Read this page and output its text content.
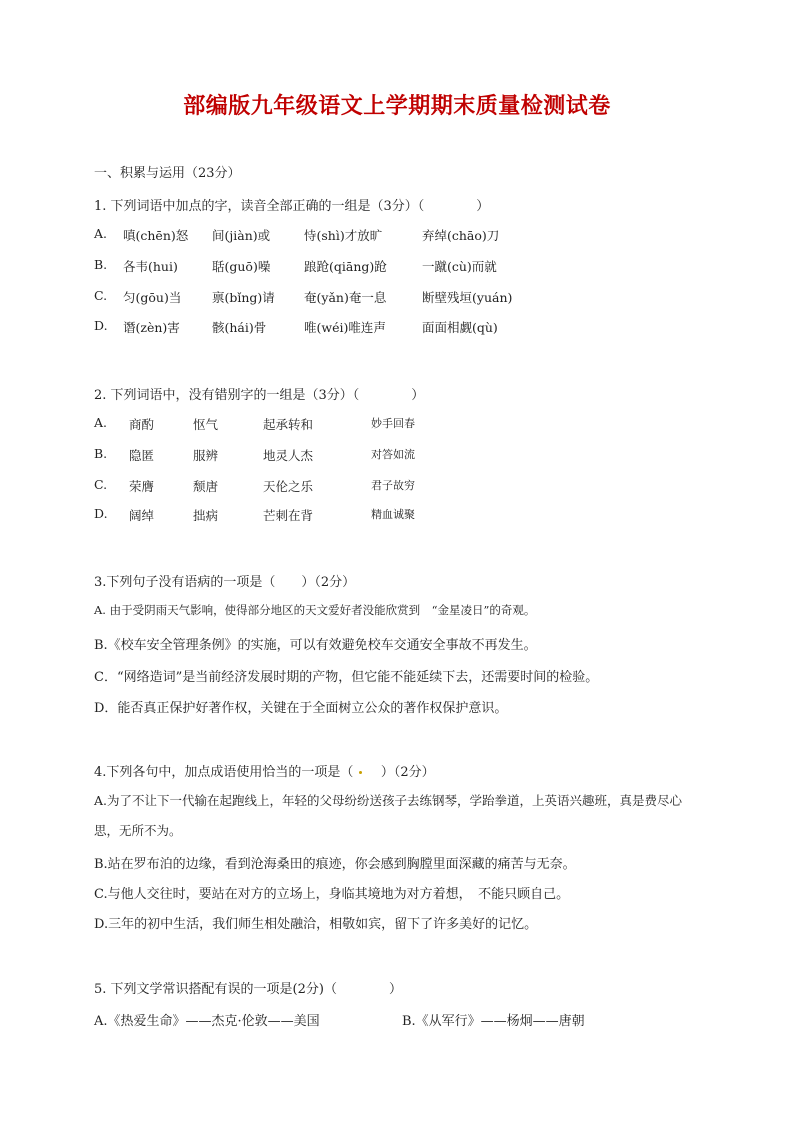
部编版九年级语文上学期期末质量检测试卷
一、积累与运用（23分）
1. 下列词语中加点的字，读音全部正确的一组是（3分）（　　　　）
A. 嗔(chēn)怒 间(jiàn)或	恃(shì)才放旷	弃绰(chāo)刀
B. 各韦(hui)	聒(guō)噪	踉跄(qiāng)跄	一蹴(cù)而就
C. 匀(gōu)当 禀(bǐng)请 奄(yǎn)奄一息	断壁残垣(yuán)
D. 谮(zèn)害	骸(hái)骨	唯(wéi)唯连声	面面相觑(qù)
2. 下列词语中，没有错别字的一组是（3分）（　　　　）
A. 商酌	怄气	起承转和	妙手回春
B. 隐匿	服辨	地灵人杰	对答如流
C. 荣膺	颓唐	天伦之乐	君子故穷
D. 阔绰	拙病	芒刺在背	精血诚聚
3.下列句子没有语病的一项是（　　）（2分）
A. 由于受阴雨天气影响，使得部分地区的天文爱好者没能欣赏到　“金星凌日”的奇观。
B.《校车安全管理条例》的实施，可以有效避免校车交通安全事故不再发生。
C．“网络造词”是当前经济发展时期的产物，但它能不能延续下去，还需要时间的检验。
D．能否真正保护好著作权，关键在于全面树立公众的著作权保护意识。
4.下列各句中，加点成语使用恰当的一项是（ ）（2分）
A.为了不让下一代输在起跑线上，年轻的父母纷纷送孩子去练钢琴，学跆拳道，上英语兴趣班，真是费尽心思，无所不为。
B.站在罗布泊的边缘，看到沧海桑田的痕迹，你会感到胸膛里面深藏的痛苦与无奈。
C.与他人交往时，要站在对方的立场上，身临其境地为对方着想，　不能只顾自己。
D.三年的初中生活，我们师生相处融洽，相敬如宾，留下了许多美好的记忆。
5. 下列文学常识搭配有误的一项是(2分)（　　　　）
A.《热爱生命》——杰克·伦敦——美国	B.《从军行》——杨炯——唐朝
